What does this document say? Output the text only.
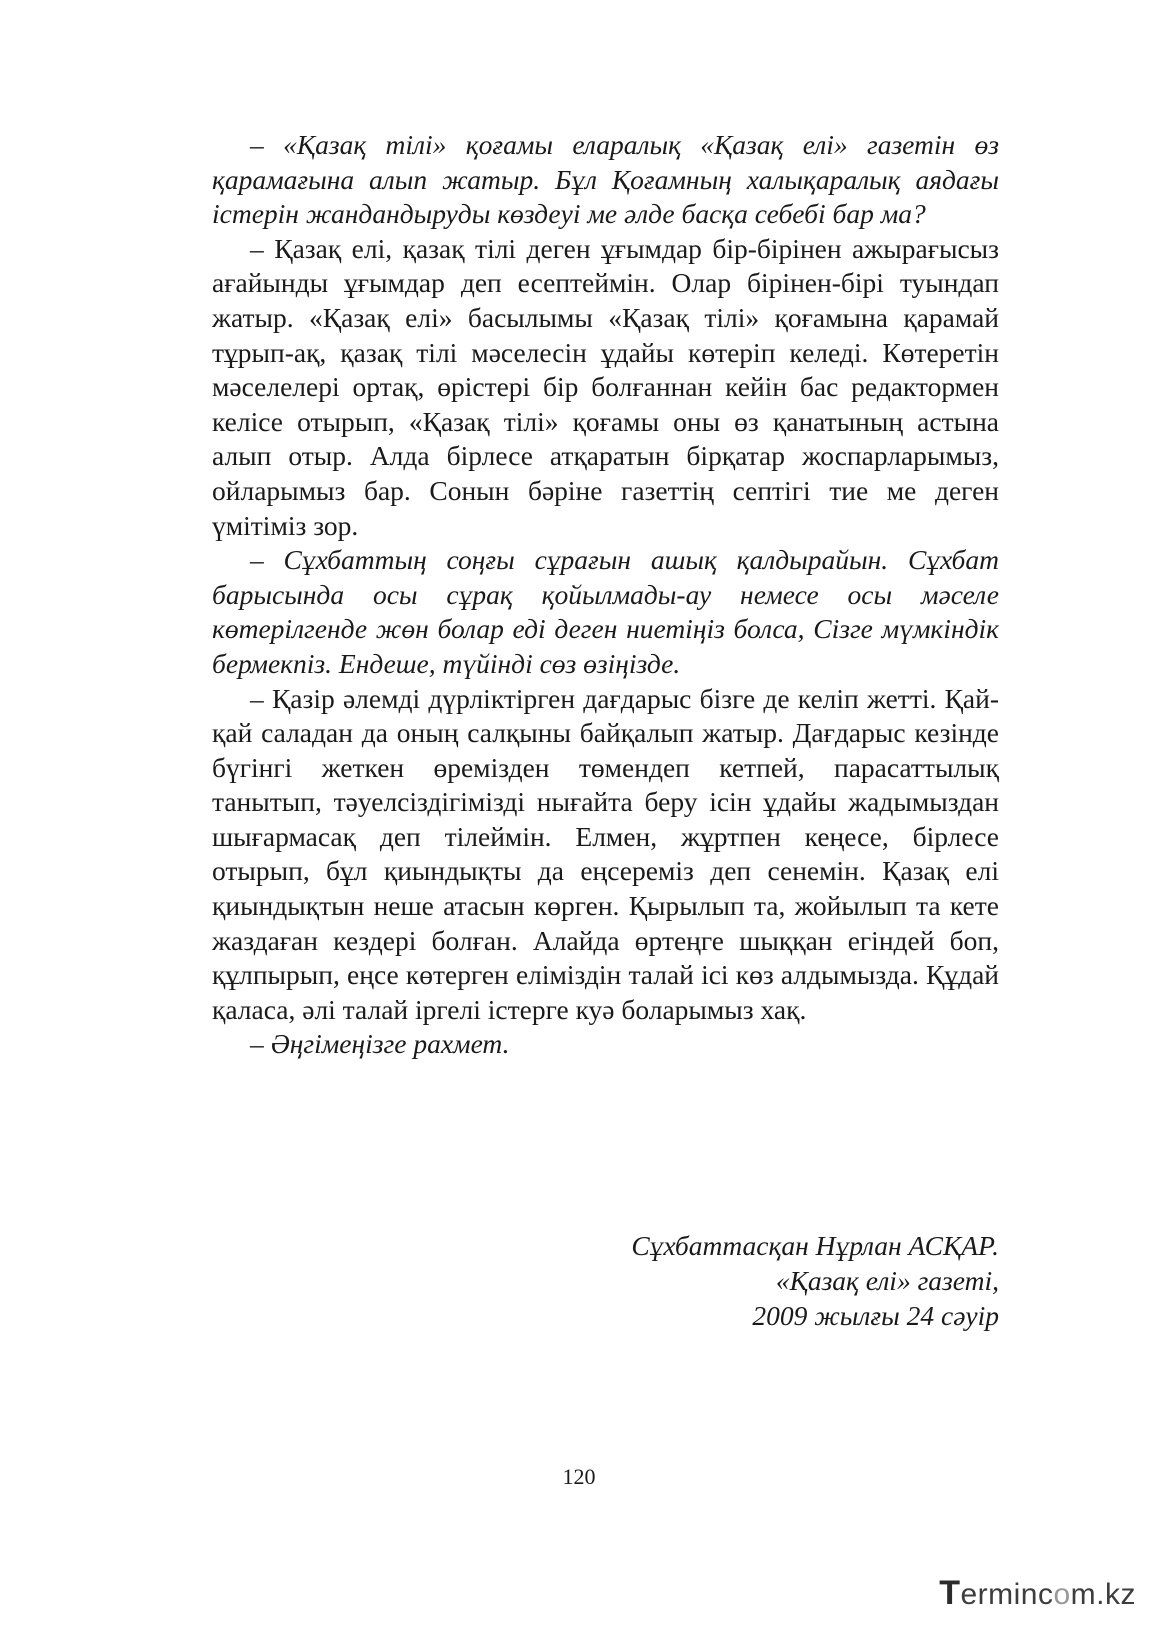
– «Қазақ тілі» қоғамы еларалық «Қазақ елі» газетін өз қарамағына алып жатыр. Бұл Қоғамның халықаралық аядағы істерін жандандыруды көздеуі ме әлде басқа себебі бар ма?

– Қазақ елі, қазақ тілі деген ұғымдар бір-бірінен ажырағысыз ағайынды ұғымдар деп есептеймін. Олар бірінен-бірі туындап жатыр. «Қазақ елі» басылымы «Қазақ тілі» қоғамына қарамай тұрып-ақ, қазақ тілі мәселесін ұдайы көтеріп келеді. Көтеретін мәселелері ортақ, өрістері бір болғаннан кейін бас редактормен келісе отырып, «Қазақ тілі» қоғамы оны өз қанатының астына алып отыр. Алда бірлесе атқаратын бірқатар жоспарларымыз, ойларымыз бар. Сонын бәріне газеттің септігі тие ме деген үмітіміз зор.

– Сұхбаттың соңғы сұрағын ашық қалдырайын. Сұхбат барысында осы сұрақ қойылмады-ау немесе осы мәселе көтерілгенде жөн болар еді деген ниетіңіз болса, Сізге мүмкіндік бермекпіз. Ендеше, түйінді сөз өзіңізде.

– Қазір әлемді дүрліктірген дағдарыс бізге де келіп жетті. Қай-қай саладан да оның салқыны байқалып жатыр. Дағдарыс кезінде бүгінгі жеткен өремізден төмендеп кетпей, парасаттылық танытып, тәуелсіздігімізді нығайта беру ісін ұдайы жадымыздан шығармасақ деп тілеймін. Елмен, жұртпен кеңесе, бірлесе отырып, бұл қиындықты да еңсереміз деп сенемін. Қазақ елі қиындықтын неше атасын көрген. Қырылып та, жойылып та кете жаздаған кездері болған. Алайда өртеңге шыққан егіндей боп, құлпырып, еңсе көтерген еліміздін талай ісі көз алдымызда. Құдай қаласа, әлі талай іргелі істерге куә боларымыз хақ.

– Әңгімеңізге рахмет.

Сұхбаттасқан Нұрлан АСҚАР.
«Қазақ елі» газеті,
2009 жылғы 24 сәуір
120
Termincom.kz
